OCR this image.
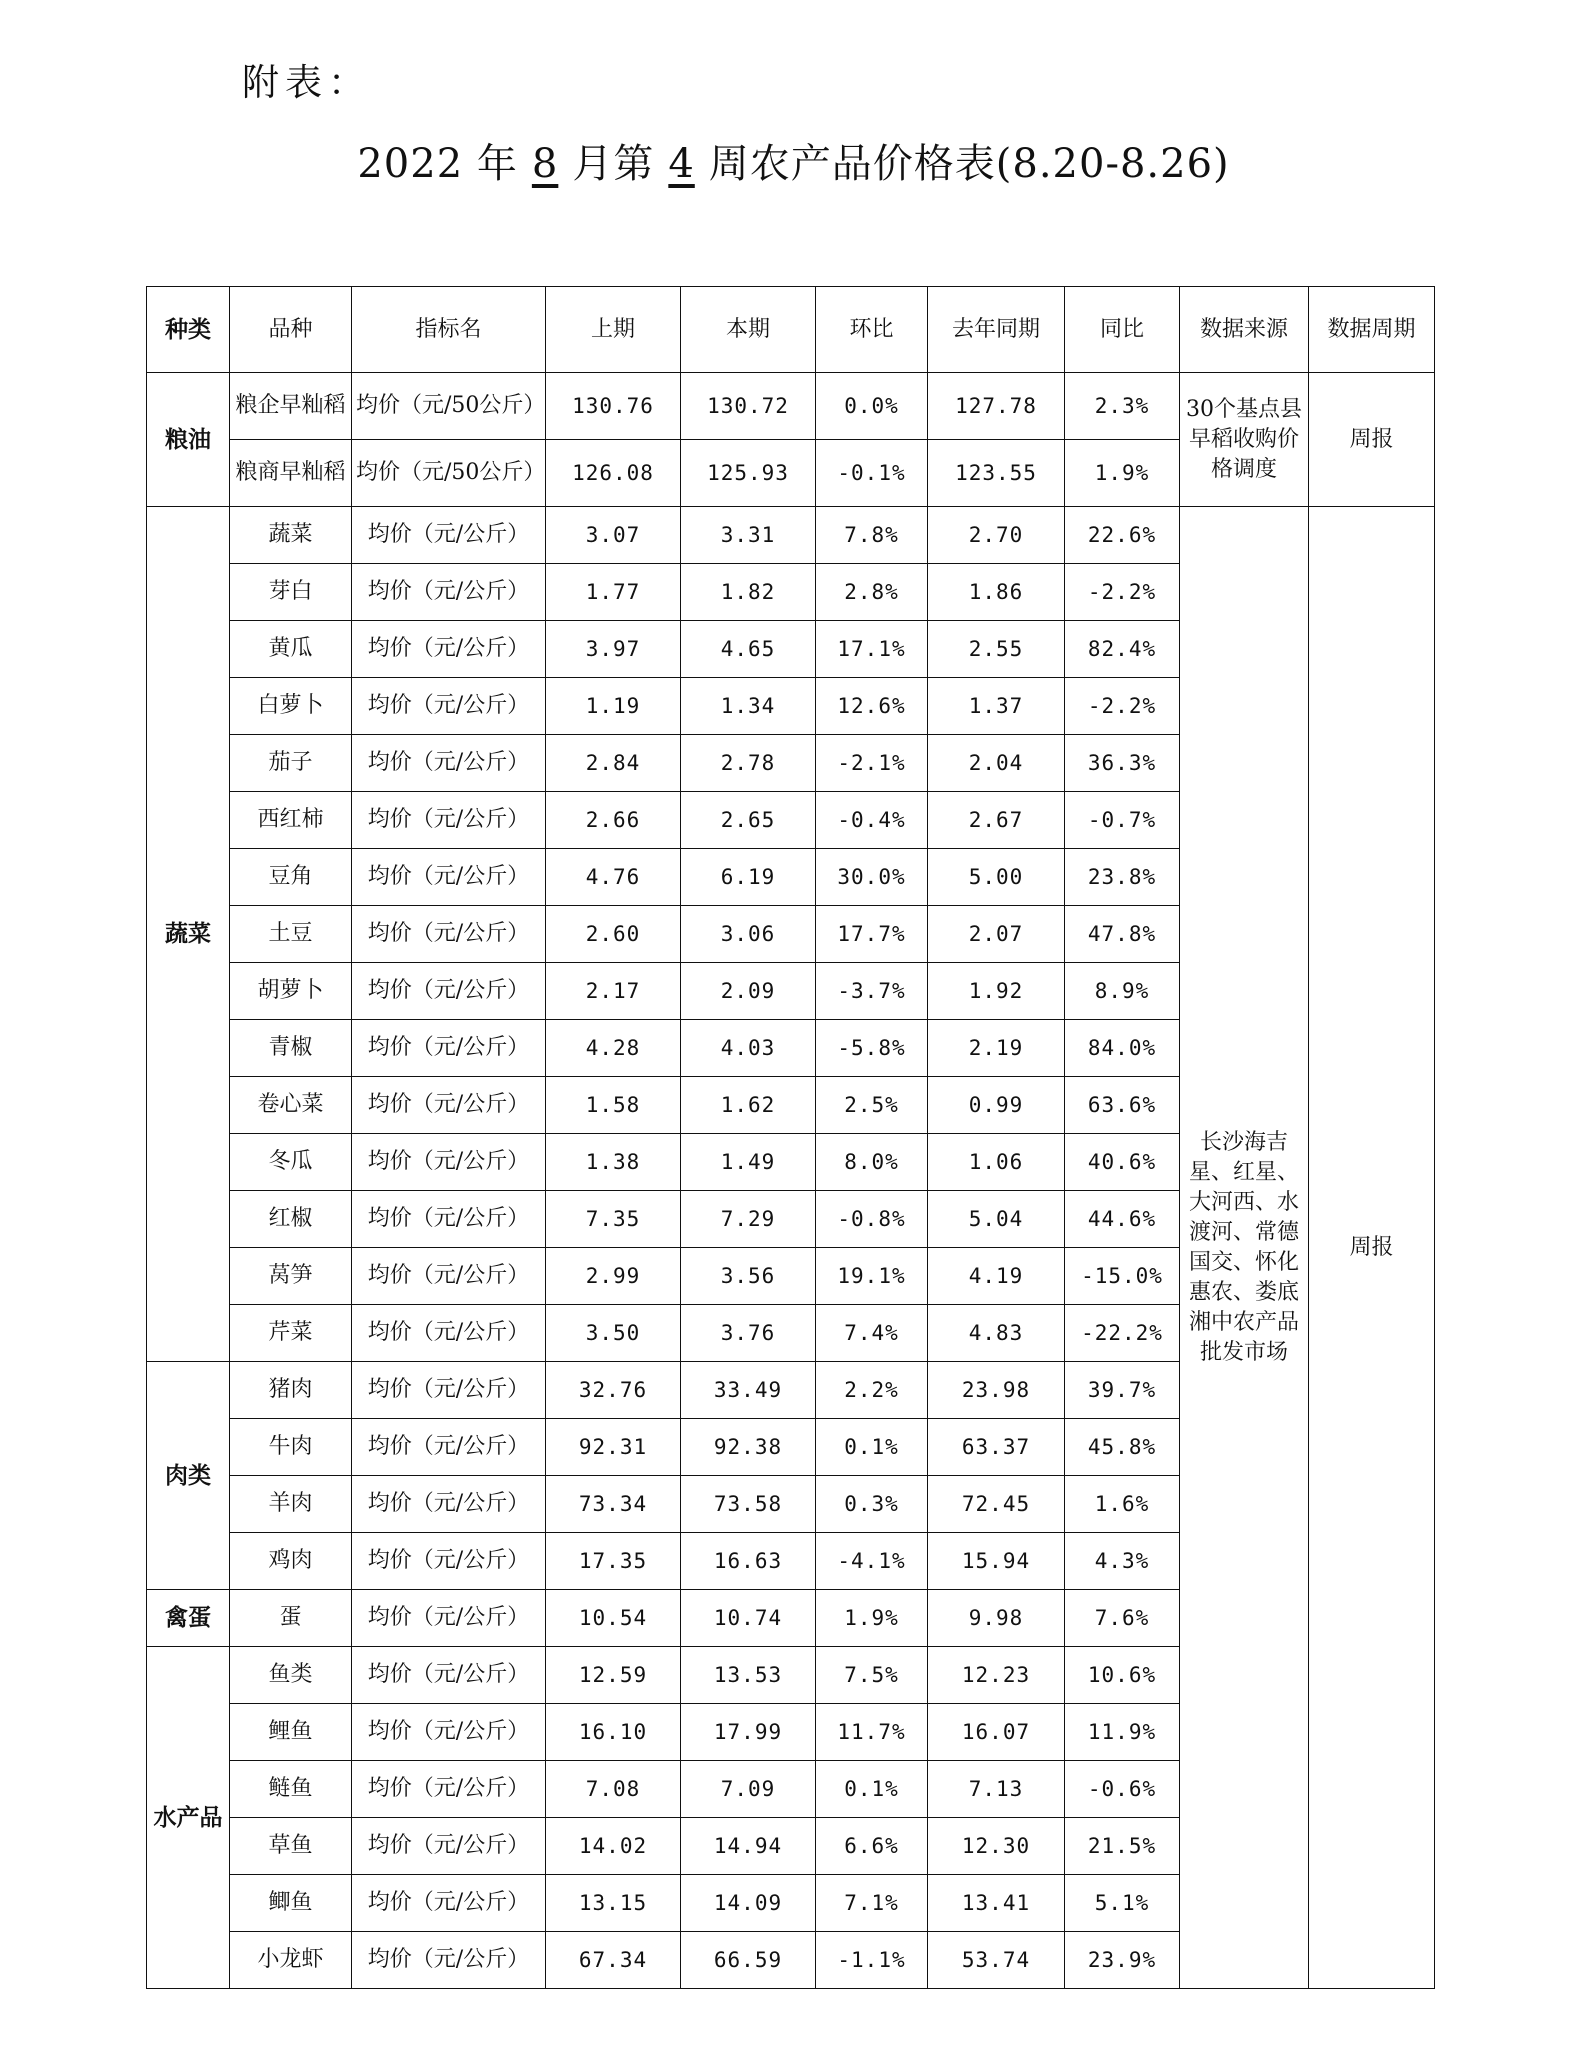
附表：
2022 年 8 月第 4 周农产品价格表(8.20-8.26)
种类	品种	指标名	上期	本期	环比	去年同期	同比	数据来源	数据周期
粮油	粮企早籼稻	均价（元/50公斤）	130.76	130.72	0.0%	127.78	2.3%	30个基点县早稻收购价格调度	周报
	粮商早籼稻	均价（元/50公斤）	126.08	125.93	-0.1%	123.55	1.9%		
蔬菜	蔬菜	均价（元/公斤）	3.07	3.31	7.8%	2.70	22.6%	长沙海吉星、红星、大河西、水渡河、常德国交、怀化惠农、娄底湘中农产品批发市场	周报
	芽白	均价（元/公斤）	1.77	1.82	2.8%	1.86	-2.2%		
	黄瓜	均价（元/公斤）	3.97	4.65	17.1%	2.55	82.4%		
	白萝卜	均价（元/公斤）	1.19	1.34	12.6%	1.37	-2.2%		
	茄子	均价（元/公斤）	2.84	2.78	-2.1%	2.04	36.3%		
	西红柿	均价（元/公斤）	2.66	2.65	-0.4%	2.67	-0.7%		
	豆角	均价（元/公斤）	4.76	6.19	30.0%	5.00	23.8%		
	土豆	均价（元/公斤）	2.60	3.06	17.7%	2.07	47.8%		
	胡萝卜	均价（元/公斤）	2.17	2.09	-3.7%	1.92	8.9%		
	青椒	均价（元/公斤）	4.28	4.03	-5.8%	2.19	84.0%		
	卷心菜	均价（元/公斤）	1.58	1.62	2.5%	0.99	63.6%		
	冬瓜	均价（元/公斤）	1.38	1.49	8.0%	1.06	40.6%		
	红椒	均价（元/公斤）	7.35	7.29	-0.8%	5.04	44.6%		
	莴笋	均价（元/公斤）	2.99	3.56	19.1%	4.19	-15.0%		
	芹菜	均价（元/公斤）	3.50	3.76	7.4%	4.83	-22.2%		
肉类	猪肉	均价（元/公斤）	32.76	33.49	2.2%	23.98	39.7%		
	牛肉	均价（元/公斤）	92.31	92.38	0.1%	63.37	45.8%		
	羊肉	均价（元/公斤）	73.34	73.58	0.3%	72.45	1.6%		
	鸡肉	均价（元/公斤）	17.35	16.63	-4.1%	15.94	4.3%		
禽蛋	蛋	均价（元/公斤）	10.54	10.74	1.9%	9.98	7.6%		
水产品	鱼类	均价（元/公斤）	12.59	13.53	7.5%	12.23	10.6%		
	鲤鱼	均价（元/公斤）	16.10	17.99	11.7%	16.07	11.9%		
	鲢鱼	均价（元/公斤）	7.08	7.09	0.1%	7.13	-0.6%		
	草鱼	均价（元/公斤）	14.02	14.94	6.6%	12.30	21.5%		
	鲫鱼	均价（元/公斤）	13.15	14.09	7.1%	13.41	5.1%		
	小龙虾	均价（元/公斤）	67.34	66.59	-1.1%	53.74	23.9%		
